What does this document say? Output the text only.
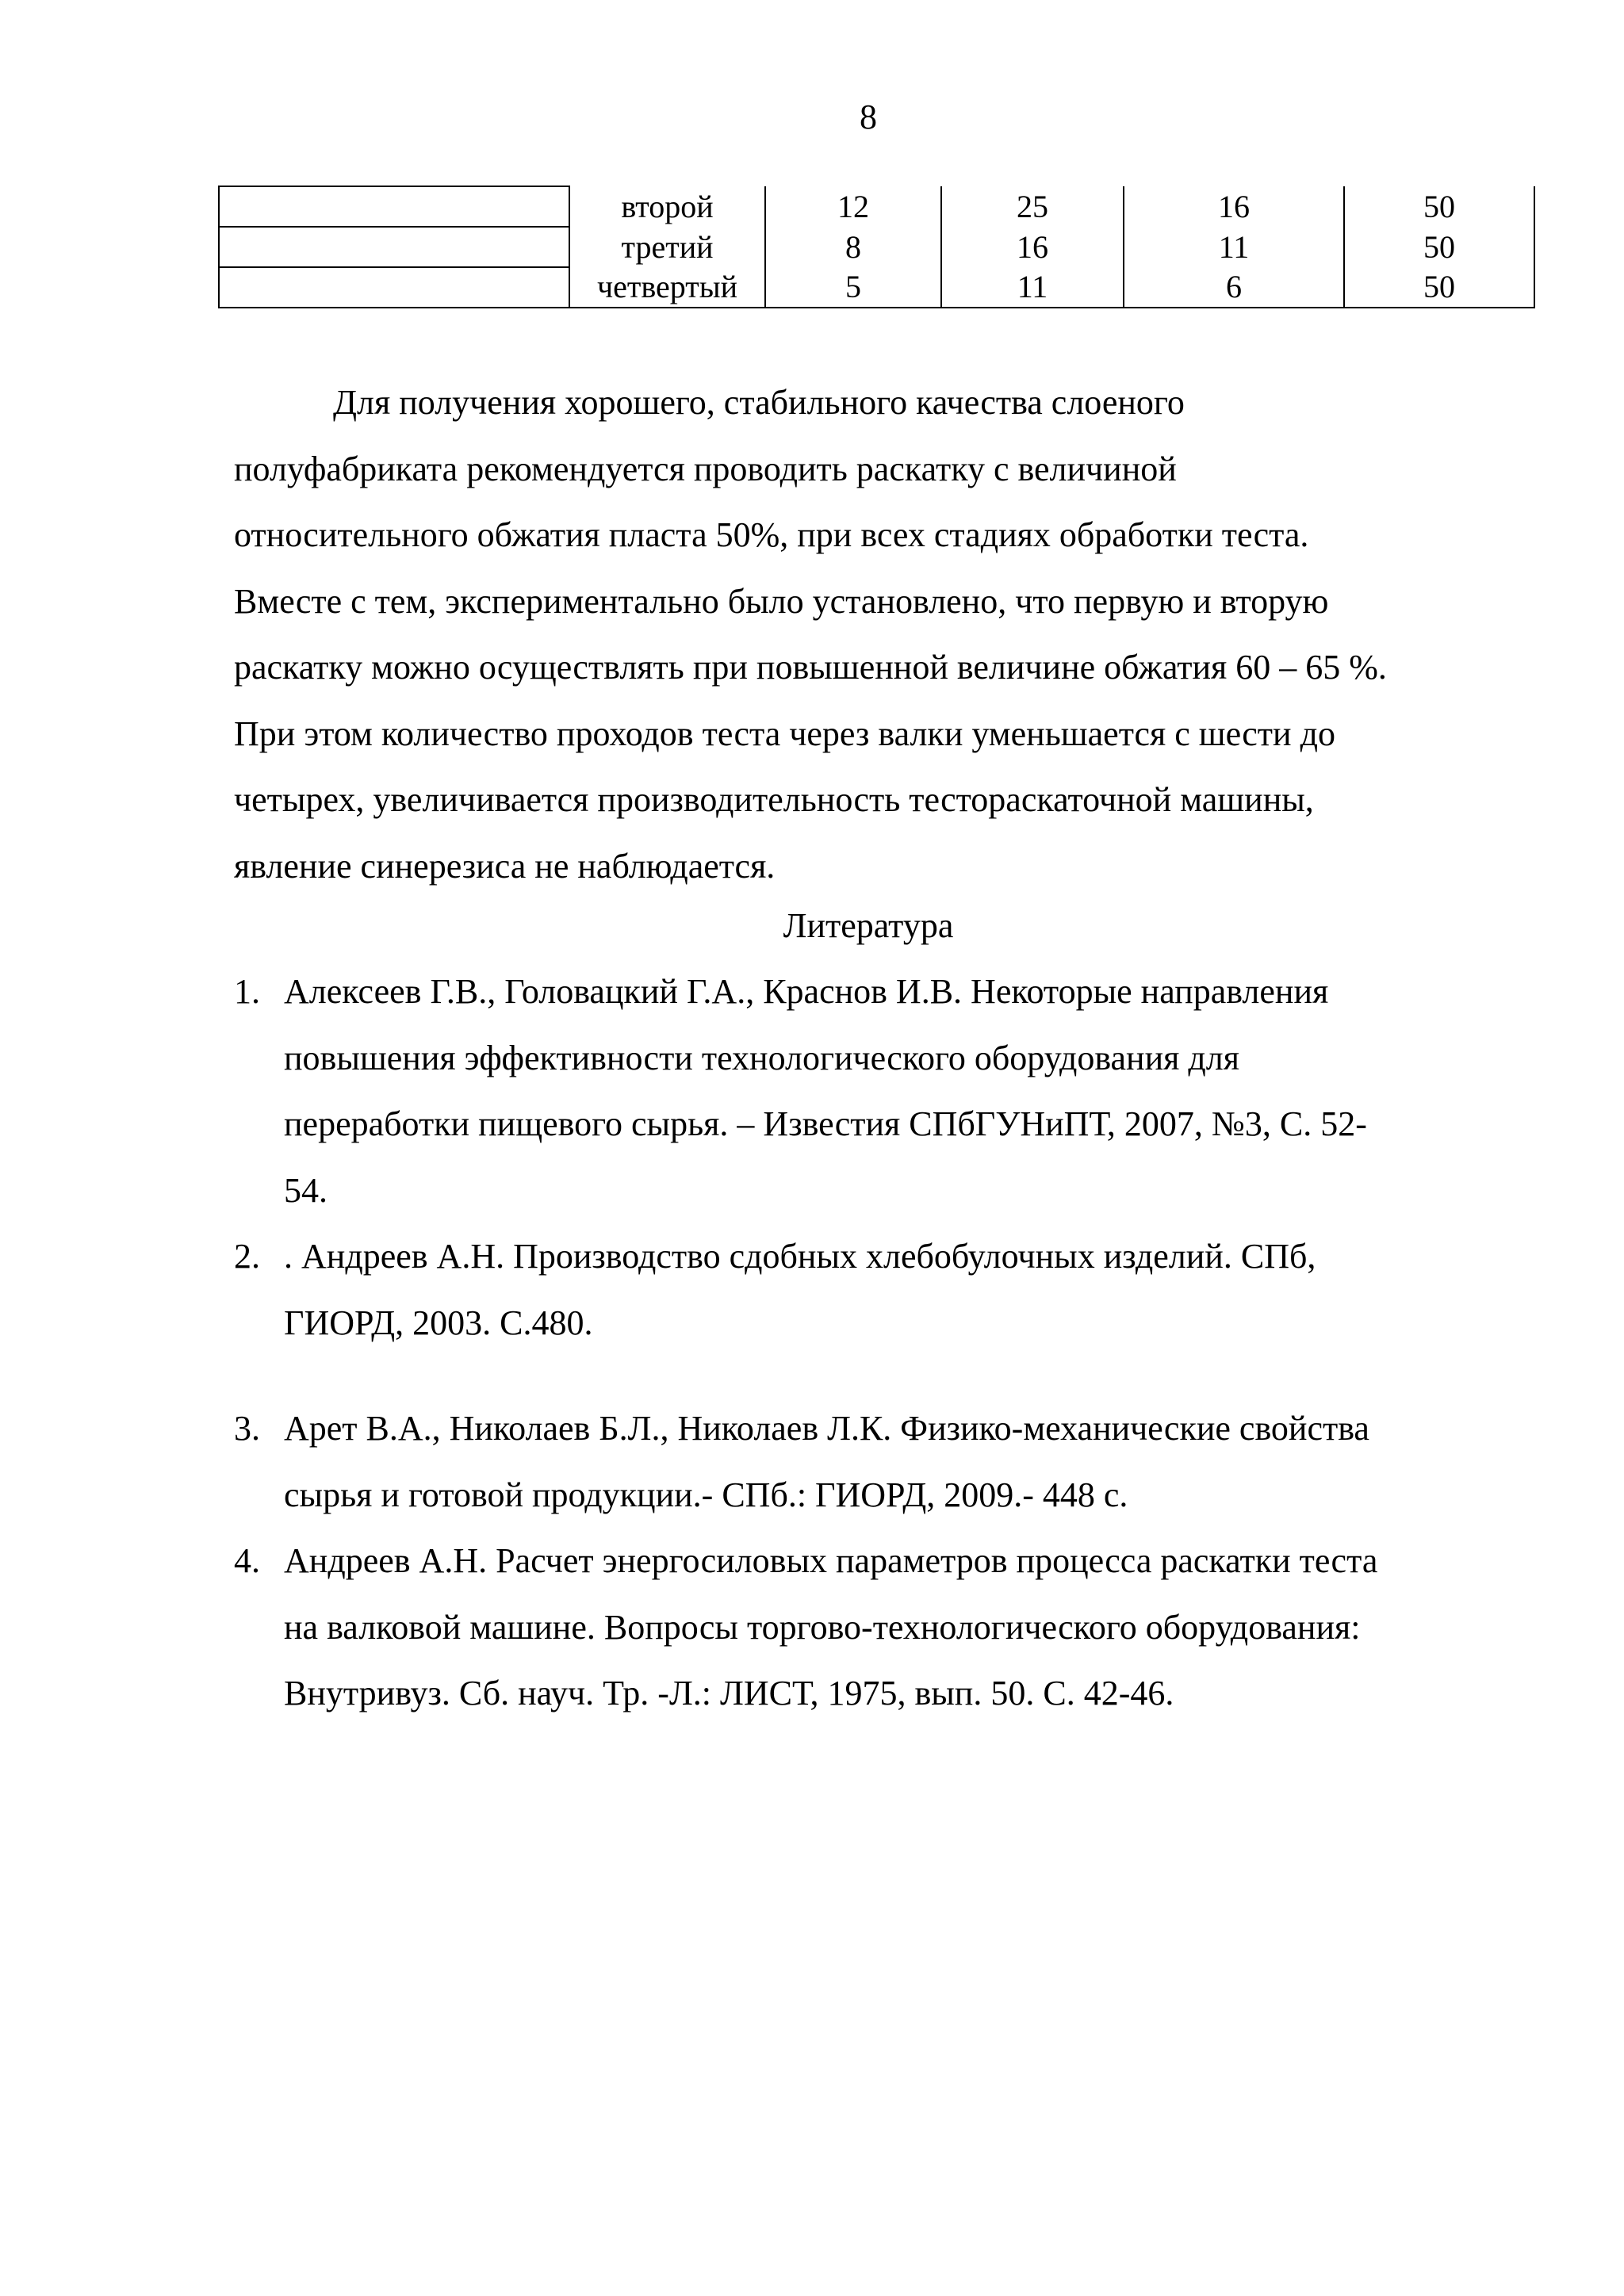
8
	второй	12	25	16	50
	третий	8	16	11	50
	четвертый	5	11	6	50

Для получения хорошего, стабильного качества слоеного

полуфабриката рекомендуется проводить раскатку с величиной

относительного обжатия пласта 50%, при всех стадиях обработки теста.

Вместе с тем, экспериментально было установлено, что первую и вторую

раскатку можно осуществлять при повышенной величине обжатия 60 – 65 %.

При этом количество проходов теста через валки уменьшается с шести до

четырех, увеличивается производительность тестораскаточной машины,

явление синерезиса не наблюдается.

Литература
1. Алексеев Г.В., Головацкий Г.А., Краснов И.В. Некоторые направления
повышения эффективности технологического оборудования для
переработки пищевого сырья. – Известия СПбГУНиПТ, 2007, №3, С. 52-
54.
2. . Андреев А.Н. Производство сдобных хлебобулочных изделий. СПб,
ГИОРД, 2003. С.480.
3. Арет В.А., Николаев Б.Л., Николаев Л.К. Физико-механические свойства
сырья и готовой продукции.- СПб.: ГИОРД, 2009.- 448 с.
4. Андреев А.Н. Расчет энергосиловых параметров процесса раскатки теста
на валковой машине. Вопросы торгово-технологического оборудования:
Внутривуз. Сб. науч. Тр. -Л.: ЛИСТ, 1975, вып. 50. С. 42-46.
